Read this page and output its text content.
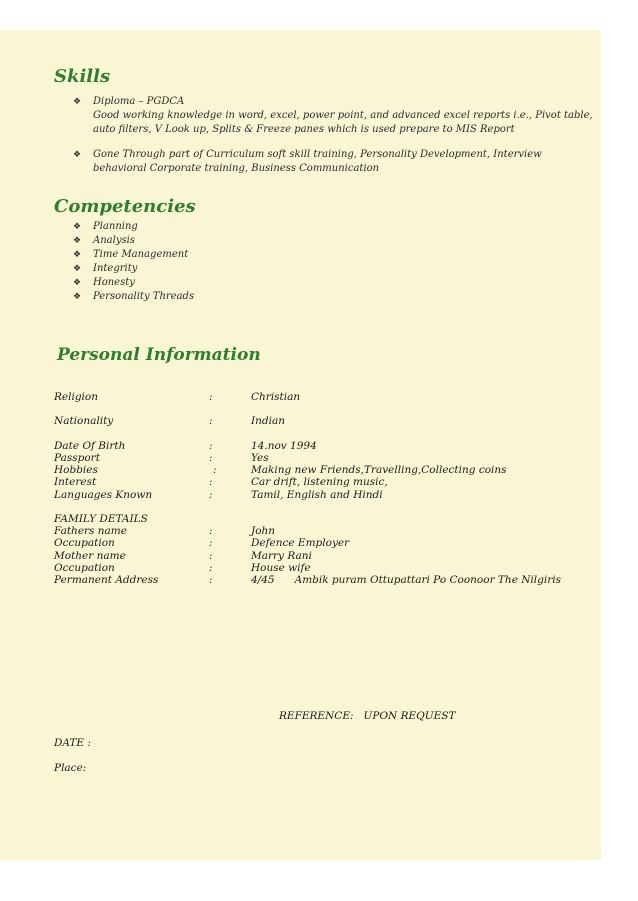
Skills
❖ Diploma – PGDCA
Good working knowledge in word, excel, power point, and advanced excel reports i.e., Pivot table,
auto filters, V Look up, Splits & Freeze panes which is used prepare to MIS Report
❖ Gone Through part of Curriculum soft skill training, Personality Development, Interview
behavioral Corporate training, Business Communication
Competencies
❖ Planning
❖ Analysis
❖ Time Management
❖ Integrity
❖ Honesty
❖ Personality Threads
Personal Information
Religion	:	Christian

Nationality	:	Indian

Date Of Birth	:	14.nov 1994
Passport	:	Yes
Hobbies	:	Making new Friends,Travelling,Collecting coins
Interest	:	Car drift, listening music,
Languages Known	:	Tamil, English and Hindi

FAMILY DETAILS		
Fathers name	:	John
Occupation	:	Defence Employer
Mother name	:	Marry Rani
Occupation	:	House wife
Permanent Address	:	4/45      Ambik puram Ottupattari Po Coonoor The Nilgiris
REFERENCE:   UPON REQUEST
DATE :
Place:
